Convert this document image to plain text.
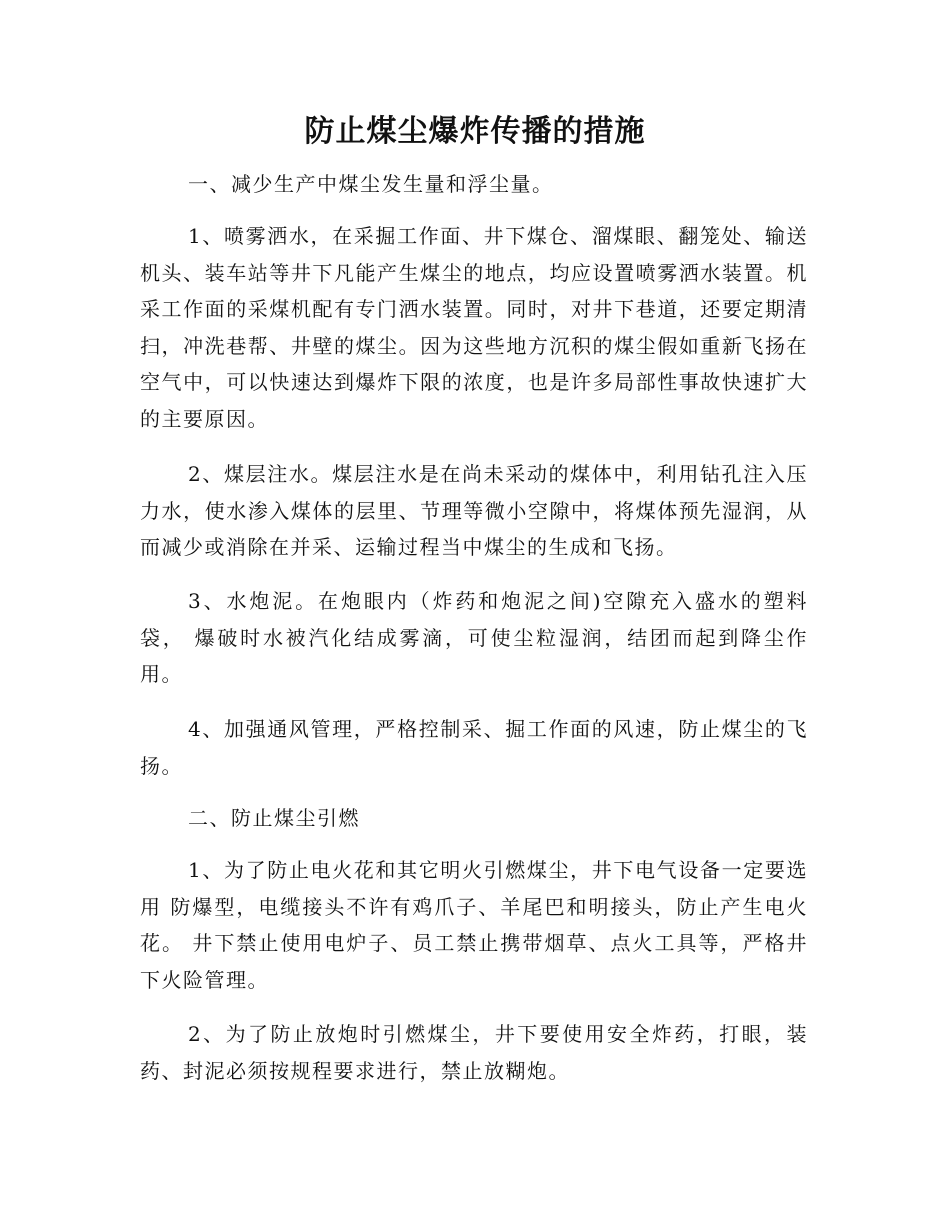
防止煤尘爆炸传播的措施

一、减少生产中煤尘发生量和浮尘量。

1、喷雾洒水，在采掘工作面、井下煤仓、溜煤眼、翻笼处、输送机头、装车站等井下凡能产生煤尘的地点，均应设置喷雾洒水装置。机采工作面的采煤机配有专门洒水装置。同时，对井下巷道，还要定期清扫，冲洗巷帮、井壁的煤尘。因为这些地方沉积的煤尘假如重新飞扬在空气中，可以快速达到爆炸下限的浓度，也是许多局部性事故快速扩大的主要原因。

2、煤层注水。煤层注水是在尚未采动的煤体中，利用钻孔注入压力水，使水渗入煤体的层里、节理等微小空隙中，将煤体预先湿润，从而减少或消除在并采、运输过程当中煤尘的生成和飞扬。

3、水炮泥。在炮眼内（炸药和炮泥之间)空隙充入盛水的塑料袋， 爆破时水被汽化结成雾滴，可使尘粒湿润，结团而起到降尘作用。

4、加强通风管理，严格控制采、掘工作面的风速，防止煤尘的飞扬。

二、防止煤尘引燃

1、为了防止电火花和其它明火引燃煤尘，井下电气设备一定要选用 防爆型，电缆接头不许有鸡爪子、羊尾巴和明接头，防止产生电火花。 井下禁止使用电炉子、员工禁止携带烟草、点火工具等，严格井下火险管理。

2、为了防止放炮时引燃煤尘，井下要使用安全炸药，打眼，装药、封泥必须按规程要求进行，禁止放糊炮。
